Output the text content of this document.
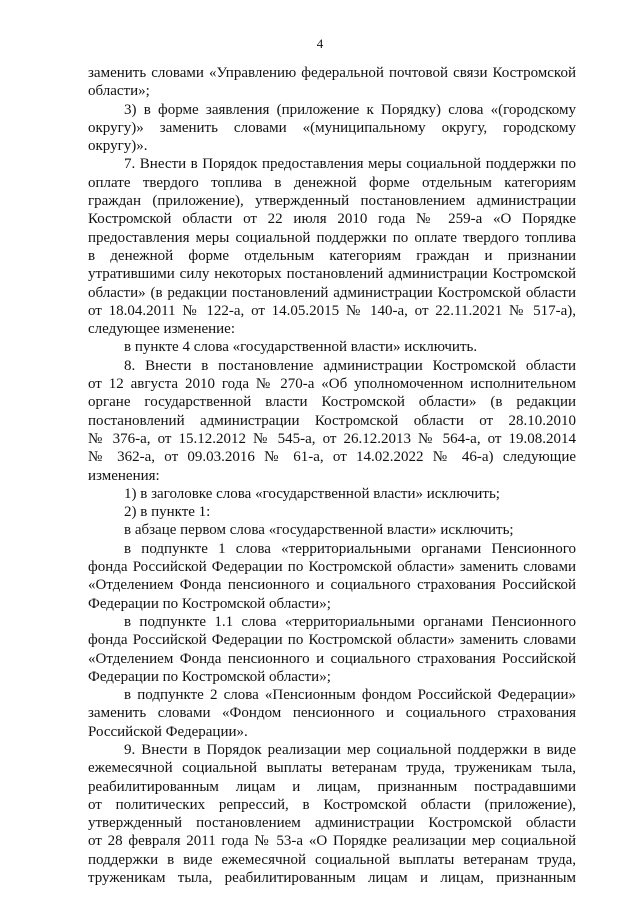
4

заменить словами «Управлению федеральной почтовой связи Костромской
области»;

3) в форме заявления (приложение к Порядку) слова «(городскому
округу)» заменить словами «(муниципальному округу, городскому
округу)».

7. Внести в Порядок предоставления меры социальной поддержки по
оплате твердого топлива в денежной форме отдельным категориям
граждан (приложение), утвержденный постановлением администрации
Костромской области от 22 июля 2010 года № 259-а «О Порядке
предоставления меры социальной поддержки по оплате твердого топлива
в денежной форме отдельным категориям граждан и признании
утратившими силу некоторых постановлений администрации Костромской
области» (в редакции постановлений администрации Костромской области
от 18.04.2011 № 122-а, от 14.05.2015 № 140-а, от 22.11.2021 № 517-а),
следующее изменение:

в пункте 4 слова «государственной власти» исключить.

8. Внести в постановление администрации Костромской области
от 12 августа 2010 года № 270-а «Об уполномоченном исполнительном
органе государственной власти Костромской области» (в редакции
постановлений администрации Костромской области от 28.10.2010
№ 376-а, от 15.12.2012 № 545-а, от 26.12.2013 № 564-а, от 19.08.2014
№ 362-а, от 09.03.2016 № 61-а, от 14.02.2022 № 46-а) следующие
изменения:

1) в заголовке слова «государственной власти» исключить;

2) в пункте 1:

в абзаце первом слова «государственной власти» исключить;

в подпункте 1 слова «территориальными органами Пенсионного
фонда Российской Федерации по Костромской области» заменить словами
«Отделением Фонда пенсионного и социального страхования Российской
Федерации по Костромской области»;

в подпункте 1.1 слова «территориальными органами Пенсионного
фонда Российской Федерации по Костромской области» заменить словами
«Отделением Фонда пенсионного и социального страхования Российской
Федерации по Костромской области»;

в подпункте 2 слова «Пенсионным фондом Российской Федерации»
заменить словами «Фондом пенсионного и социального страхования
Российской Федерации».

9. Внести в Порядок реализации мер социальной поддержки в виде
ежемесячной социальной выплаты ветеранам труда, труженикам тыла,
реабилитированным лицам и лицам, признанным пострадавшими
от политических репрессий, в Костромской области (приложение),
утвержденный постановлением администрации Костромской области
от 28 февраля 2011 года № 53-а «О Порядке реализации мер социальной
поддержки в виде ежемесячной социальной выплаты ветеранам труда,
труженикам тыла, реабилитированным лицам и лицам, признанным
